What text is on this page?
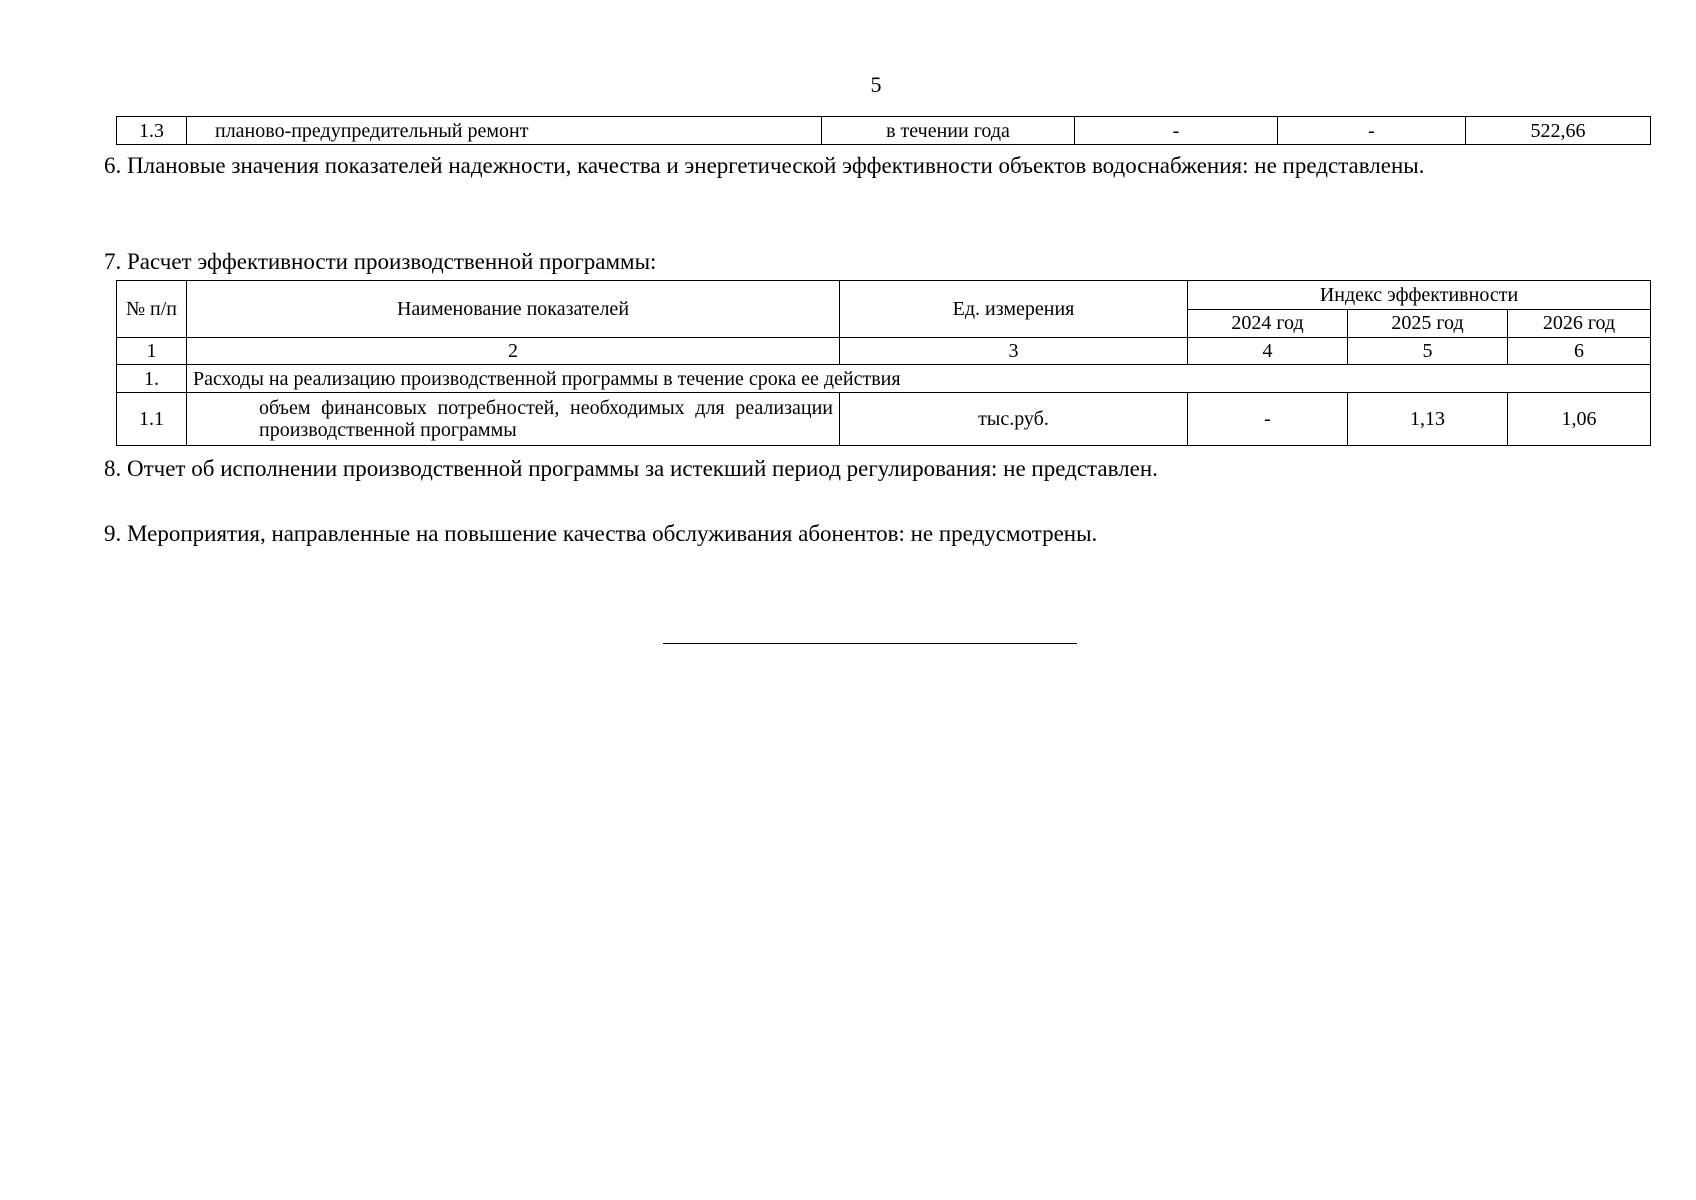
5
1.3	планово-предупредительный ремонт	в течении года	-	-	522,66
6. Плановые значения показателей надежности, качества и энергетической эффективности объектов водоснабжения: не представлены.
7. Расчет эффективности производственной программы:
№ п/п	Наименование показателей	Ед. измерения	Индекс эффективности		
			2024 год	2025 год	2026 год
1	2	3	4	5	6
1.	Расходы на реализацию производственной программы в течение срока ее действия				
1.1	объем финансовых потребностей, необходимых для реализации производственной программы	тыс.руб.	-	1,13	1,06
8. Отчет об исполнении производственной программы за истекший период регулирования: не представлен.
9. Мероприятия, направленные на повышение качества обслуживания абонентов: не предусмотрены.
